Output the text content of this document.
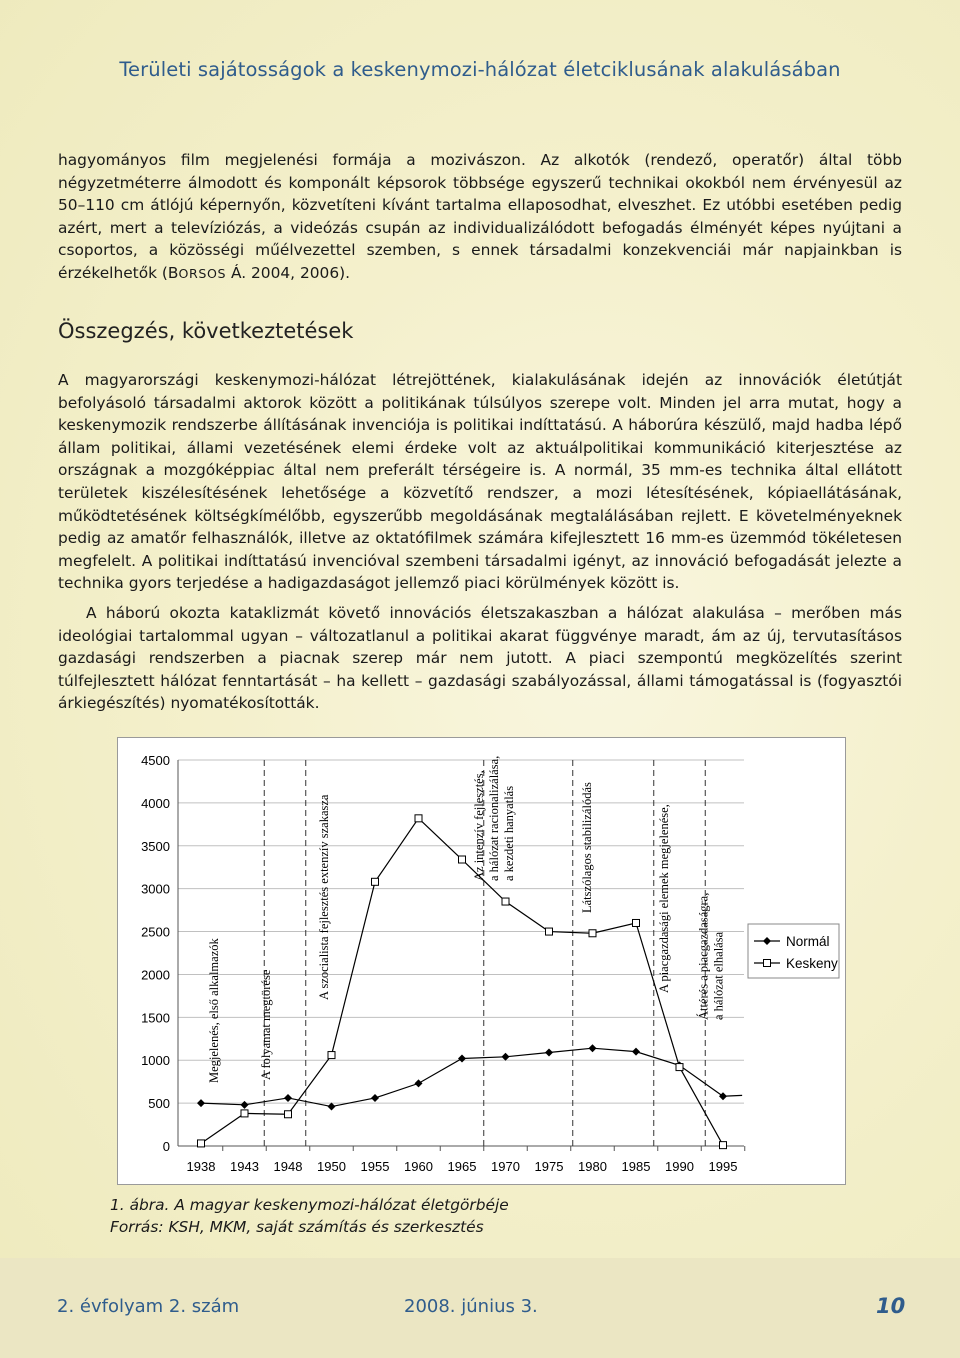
Területi sajátosságok a keskenymozi-hálózat életciklusának alakulásában

hagyományos film megjelenési formája a mozivászon. Az alkotók (rendező, operatőr) által több négyzetméterre álmodott és komponált képsorok többsége egyszerű technikai okokból nem érvényesül az 50–110 cm átlójú képernyőn, közvetíteni kívánt tartalma ellaposodhat, elveszhet. Ez utóbbi esetében pedig azért, mert a televíziózás, a videózás csupán az individualizálódott befogadás élményét képes nyújtani a csoportos, a közösségi műélvezettel szemben, s ennek társadalmi konzekvenciái már napjainkban is érzékelhetők (BORSOS Á. 2004, 2006).

Összegzés, következtetések

A magyarországi keskenymozi-hálózat létrejöttének, kialakulásának idején az innovációk életútját befolyásoló társadalmi aktorok között a politikának túlsúlyos szerepe volt. Minden jel arra mutat, hogy a keskenymozik rendszerbe állításának invenciója is politikai indíttatású. A háborúra készülő, majd hadba lépő állam politikai, állami vezetésének elemi érdeke volt az aktuálpolitikai kommunikáció kiterjesztése az országnak a mozgóképpiac által nem preferált térségeire is. A normál, 35 mm-es technika által ellátott területek kiszélesítésének lehetősége a közvetítő rendszer, a mozi létesítésének, kópiaellátásának, működtetésének költségkímélőbb, egyszerűbb megoldásának megtalálásában rejlett. E követelményeknek pedig az amatőr felhasználók, illetve az oktatófilmek számára kifejlesztett 16 mm-es üzemmód tökéletesen megfelelt. A politikai indíttatású invencióval szembeni társadalmi igényt, az innováció befogadását jelezte a technika gyors terjedése a hadigazdaságot jellemző piaci körülmények között is.

A háború okozta kataklizmát követő innovációs életszakaszban a hálózat alakulása – merőben más ideológiai tartalommal ugyan – változatlanul a politikai akarat függvénye maradt, ám az új, tervutasításos gazdasági rendszerben a piacnak szerep már nem jutott. A piaci szempontú megközelítés szerint túlfejlesztett hálózat fenntartását – ha kellett – gazdasági szabályozással, állami támogatással is (fogyasztói árkiegészítés) nyomatékosították.

0
500
1000
1500
2000
2500
3000
3500
4000
4500
1938 1943 1948 1950 1955 1960 1965 1970 1975 1980 1985 1990 1995
Megjelenés, első alkalmazók	A folyamat megtörése
A szocialista fejlesztés extenzív szakasza	Az intenzív fejlesztés, a hálózat racionalizálása, a kezdeti hanyatlás	Látszólagos stabilizálódás	A piacgazdasági elemek megjelenése, Áttérés a piacgazdaságra, a hálózat elhalása	Normál
Keskeny

1. ábra. A magyar keskenymozi-hálózat életgörbéje

Forrás: KSH, MKM, saját számítás és szerkesztés

2. évfolyam 2. szám	2008. június 3.	10
